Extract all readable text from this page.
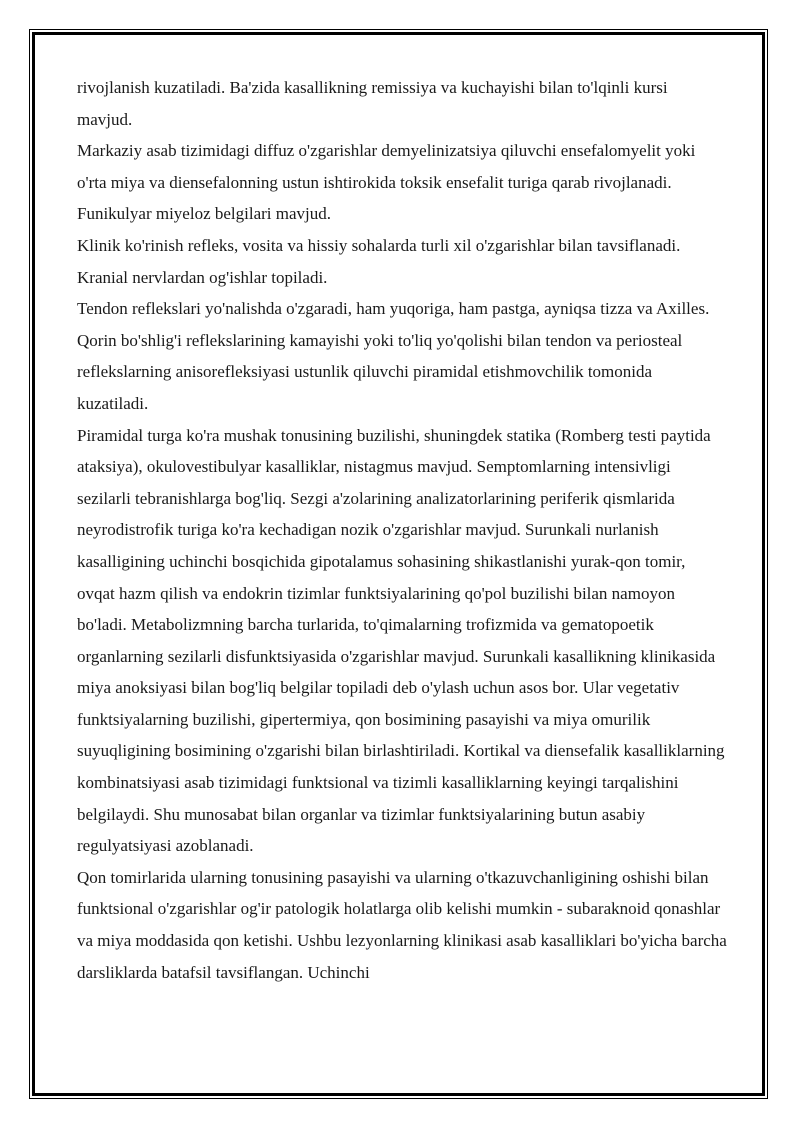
rivojlanish kuzatiladi. Ba'zida kasallikning remissiya va kuchayishi bilan to'lqinli kursi mavjud.

Markaziy asab tizimidagi diffuz o'zgarishlar demyelinizatsiya qiluvchi ensefalomyelit yoki o'rta miya va diensefalonning ustun ishtirokida toksik ensefalit turiga qarab rivojlanadi. Funikulyar miyeloz belgilari mavjud.

Klinik ko'rinish refleks, vosita va hissiy sohalarda turli xil o'zgarishlar bilan tavsiflanadi. Kranial nervlardan og'ishlar topiladi.

Tendon reflekslari yo'nalishda o'zgaradi, ham yuqoriga, ham pastga, ayniqsa tizza va Axilles. Qorin bo'shlig'i reflekslarining kamayishi yoki to'liq yo'qolishi bilan tendon va periosteal reflekslarning anisorefleksiyasi ustunlik qiluvchi piramidal etishmovchilik tomonida kuzatiladi.

Piramidal turga ko'ra mushak tonusining buzilishi, shuningdek statika (Romberg testi paytida ataksiya), okulovestibulyar kasalliklar, nistagmus mavjud. Semptomlarning intensivligi sezilarli tebranishlarga bog'liq. Sezgi a'zolarining analizatorlarining periferik qismlarida neyrodistrofik turiga ko'ra kechadigan nozik o'zgarishlar mavjud. Surunkali nurlanish kasalligining uchinchi bosqichida gipotalamus sohasining shikastlanishi yurak-qon tomir, ovqat hazm qilish va endokrin tizimlar funktsiyalarining qo'pol buzilishi bilan namoyon bo'ladi. Metabolizmning barcha turlarida, to'qimalarning trofizmida va gematopoetik organlarning sezilarli disfunktsiyasida o'zgarishlar mavjud. Surunkali kasallikning klinikasida miya anoksiyasi bilan bog'liq belgilar topiladi deb o'ylash uchun asos bor. Ular vegetativ funktsiyalarning buzilishi, gipertermiya, qon bosimining pasayishi va miya omurilik suyuqligining bosimining o'zgarishi bilan birlashtiriladi. Kortikal va diensefalik kasalliklarning kombinatsiyasi asab tizimidagi funktsional va tizimli kasalliklarning keyingi tarqalishini belgilaydi. Shu munosabat bilan organlar va tizimlar funktsiyalarining butun asabiy regulyatsiyasi azoblanadi.

Qon tomirlarida ularning tonusining pasayishi va ularning o'tkazuvchanligining oshishi bilan funktsional o'zgarishlar og'ir patologik holatlarga olib kelishi mumkin - subaraknoid qonashlar va miya moddasida qon ketishi. Ushbu lezyonlarning klinikasi asab kasalliklari bo'yicha barcha darsliklarda batafsil tavsiflangan. Uchinchi
